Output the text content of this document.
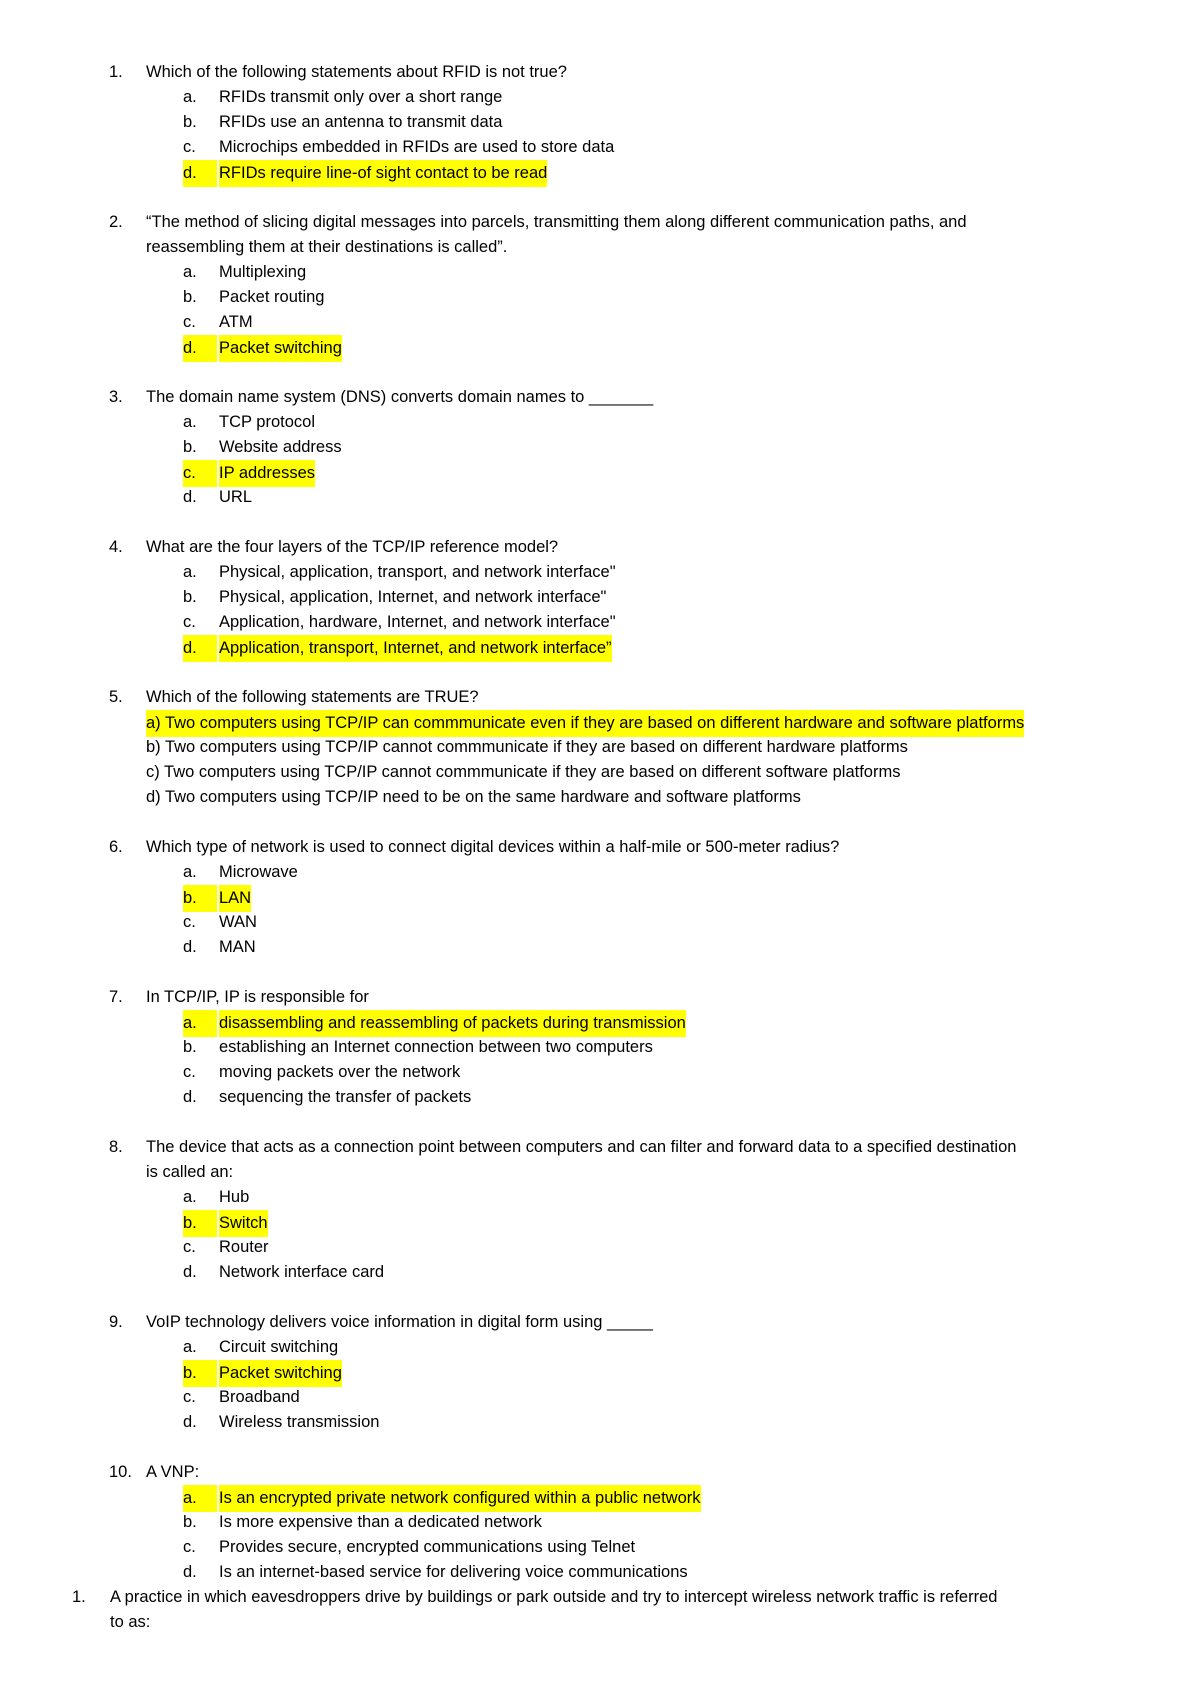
1.	Which of the following statements about RFID is not true?
a.	RFIDs transmit only over a short range
b.	RFIDs use an antenna to transmit data
c.	Microchips embedded in RFIDs are used to store data
d.	RFIDs require line-of sight contact to be read
2.	“The method of slicing digital messages into parcels, transmitting them along different communication paths, and
reassembling them at their destinations is called”.
a.	Multiplexing
b.	Packet routing
c.	ATM
d.	Packet switching
3.	The domain name system (DNS) converts domain names to _______
a.	TCP protocol
b.	Website address
c.	IP addresses
d.	URL
4.	What are the four layers of the TCP/IP reference model?
a.	Physical, application, transport, and network interface"
b.	Physical, application, Internet, and network interface"
c.	Application, hardware, Internet, and network interface"
d.	Application, transport, Internet, and network interface”
5.	Which of the following statements are TRUE?
a) Two computers using TCP/IP can commmunicate even if they are based on different hardware and software platforms
b) Two computers using TCP/IP cannot commmunicate if they are based on different hardware platforms
c) Two computers using TCP/IP cannot commmunicate if they are based on different software platforms
d) Two computers using TCP/IP need to be on the same hardware and software platforms
6.	Which type of network is used to connect digital devices within a half-mile or 500-meter radius?
a.	Microwave
b.	LAN
c.	WAN
d.	MAN
7.	In TCP/IP, IP is responsible for
a.	disassembling and reassembling of packets during transmission
b.	establishing an Internet connection between two computers
c.	moving packets over the network
d.	sequencing the transfer of packets
8.	The device that acts as a connection point between computers and can filter and forward data to a specified destination
is called an:
a.	Hub
b.	Switch
c.	Router
d.	Network interface card
9.	VoIP technology delivers voice information in digital form using _____
a.	Circuit switching
b.	Packet switching
c.	Broadband
d.	Wireless transmission
10. A VNP:
a.	Is an encrypted private network configured within a public network
b.	Is more expensive than a dedicated network
c.	Provides secure, encrypted communications using Telnet
d.	Is an internet-based service for delivering voice communications
1.	A practice in which eavesdroppers drive by buildings or park outside and try to intercept wireless network traffic is referred
to as:
